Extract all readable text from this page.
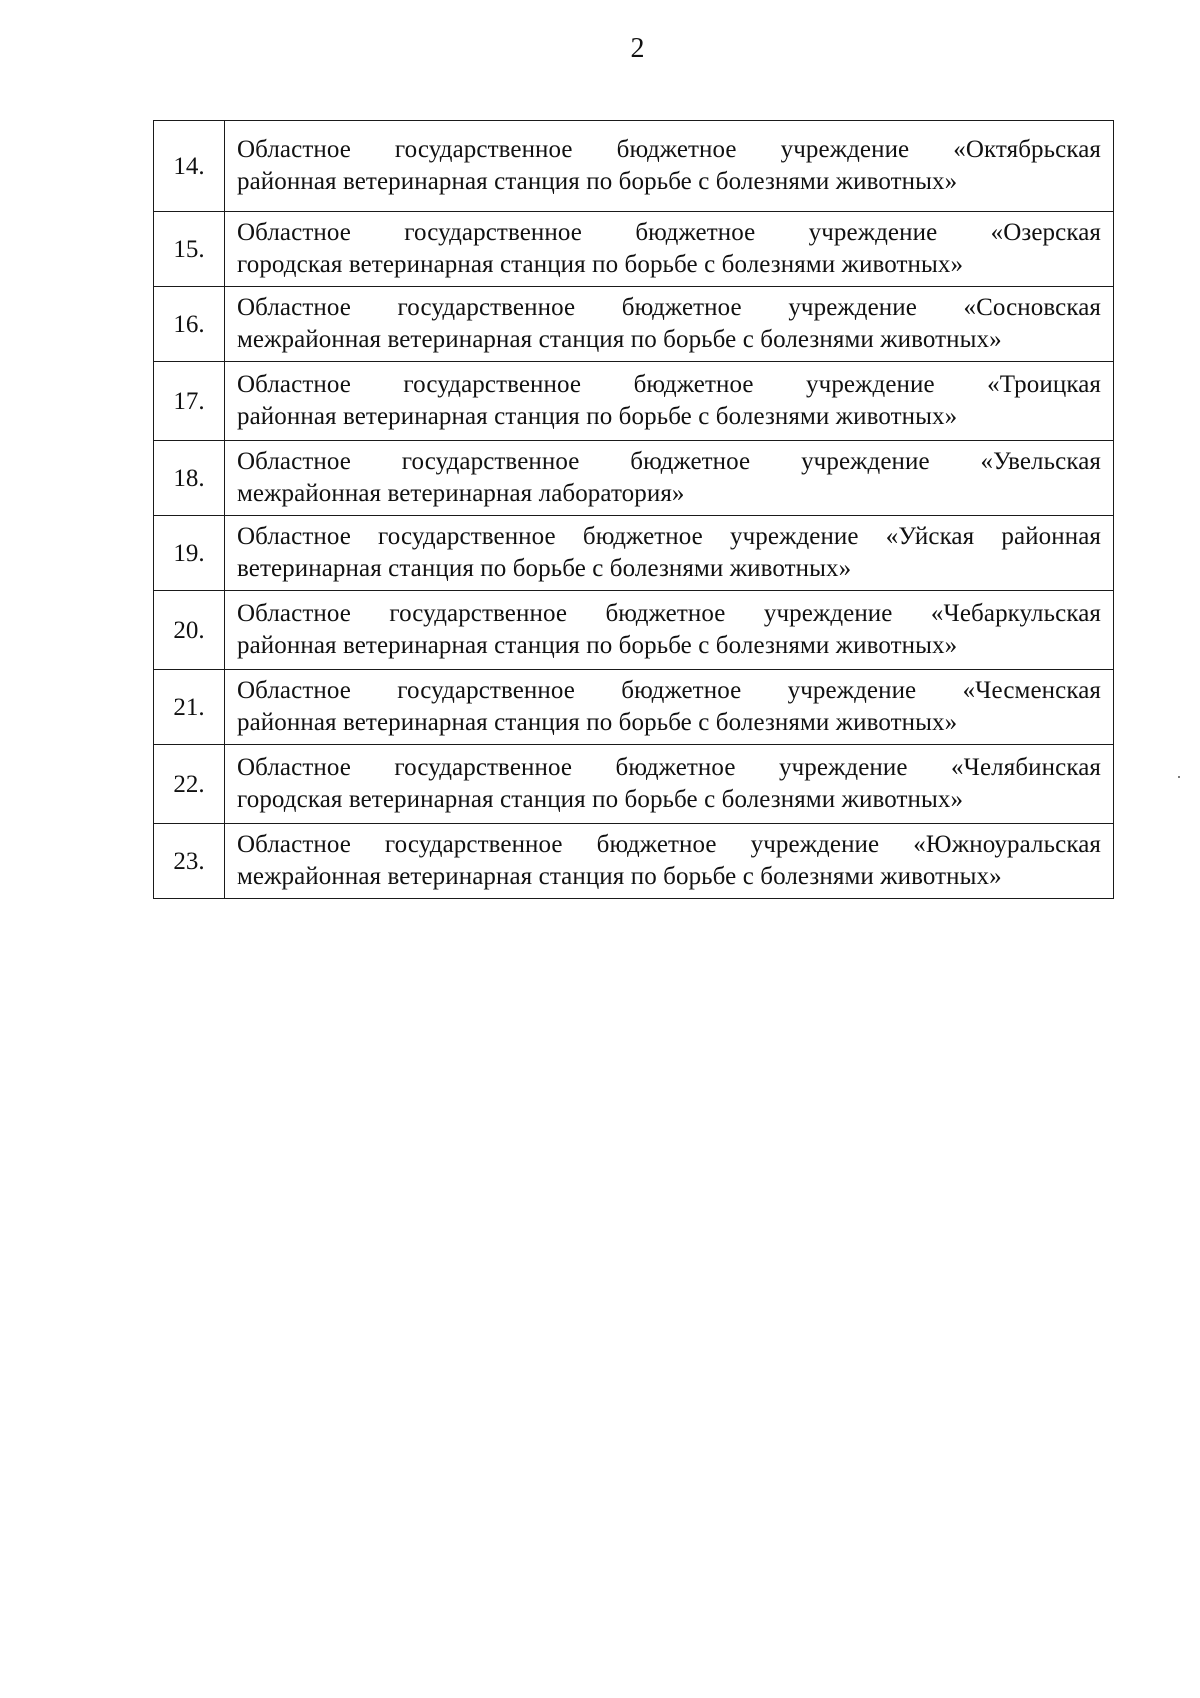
2
14.	Областное государственное бюджетное учреждение «Октябрьская
районная ветеринарная станция по борьбе с болезнями животных»

15.	Областное государственное бюджетное учреждение «Озерская
городская ветеринарная станция по борьбе с болезнями животных»

16.	Областное государственное бюджетное учреждение «Сосновская
межрайонная ветеринарная станция по борьбе с болезнями животных»

17.	Областное государственное бюджетное учреждение «Троицкая
районная ветеринарная станция по борьбе с болезнями животных»

18.	Областное государственное бюджетное учреждение «Увельская
межрайонная ветеринарная лаборатория»

19.	Областное государственное бюджетное учреждение «Уйская районная
ветеринарная станция по борьбе с болезнями животных»

20.	Областное государственное бюджетное учреждение «Чебаркульская
районная ветеринарная станция по борьбе с болезнями животных»

21.	Областное государственное бюджетное учреждение «Чесменская
районная ветеринарная станция по борьбе с болезнями животных»

22.	Областное государственное бюджетное учреждение «Челябинская
городская ветеринарная станция по борьбе с болезнями животных»

23.	Областное государственное бюджетное учреждение «Южноуральская
межрайонная ветеринарная станция по борьбе с болезнями животных»
